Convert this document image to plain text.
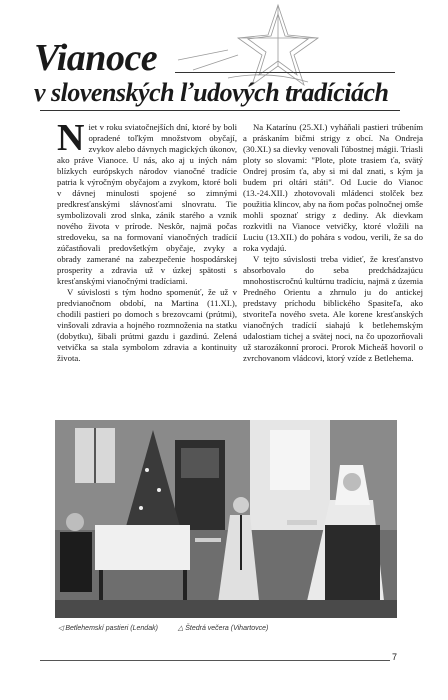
Vianoce
v slovenských ľudových tradíciách

Niet v roku sviatočnejších dní, ktoré by boli opradené toľkým množstvom obyčají, zvykov alebo dávnych magických úkonov, ako práve Vianoce. U nás, ako aj u iných nám blízkych európskych národov vianočné tradície patria k výročným obyčajom a zvykom, ktoré boli v dávnej minulosti spojené so zimnými predkresťanskými slávnosťami slnovratu. Tie symbolizovali zrod slnka, zánik starého a vznik nového života v prírode. Neskôr, najmä počas stredoveku, sa na formovaní vianočných tradícií zúčastňovali predovšetkým obyčaje, zvyky a obrady zamerané na zabezpečenie hospodárskej prosperity a zdravia už v úzkej spätosti s kresťanskými vianočnými tradíciami.

V súvislosti s tým hodno spomenúť, že už v predvianočnom období, na Martina (11.XI.), chodili pastieri po domoch s brezovcami (prútmi), vinšovali zdravia a hojného rozmnoženia na statku (dobytku), šibali prútmi gazdu i gazdinú. Zelená vetvička sa stala symbolom zdravia a kontinuity života.

Na Katarínu (25.XI.) vyháňali pastieri trúbením a práskaním bičmi strigy z obcí. Na Ondreja (30.XI.) sa dievky venovali ľúbostnej mágii. Triasli ploty so slovami: "Plote, plote trasiem ťa, svätý Ondrej prosím ťa, aby si mi dal znati, s kým ja budem pri oltári státi". Od Lucie do Vianoc (13.-24.XII.) zhotovovali mládenci stolček bez použitia klincov, aby na ňom počas polnočnej omše mohli spoznať strigy z dediny. Ak dievkam rozkvitli na Vianoce vetvičky, ktoré vložili na Luciu (13.XII.) do pohára s vodou, verili, že sa do roka vydajú.

V tejto súvislosti treba vidieť, že kresťanstvo absorbovalo do seba predchádzajúcu mnohostiscročnú kultúrnu tradíciu, najmä z územia Predného Orientu a zhrnulo ju do antickej predstavy príchodu biblického Spasiteľa, ako stvoriteľa nového sveta. Ale korene kresťanských vianočných tradícií siahajú k betlehemským udalostiam tichej a svätej noci, na čo upozorňovali už starozákonní proroci. Prorok Micheáš hovoril o zvrchovanom vládcovi, ktorý vzíde z Betlehema.

◁ Betlehemskí pastieri (Lendak)	△ Štedrá večera (Vihartovce)
7
